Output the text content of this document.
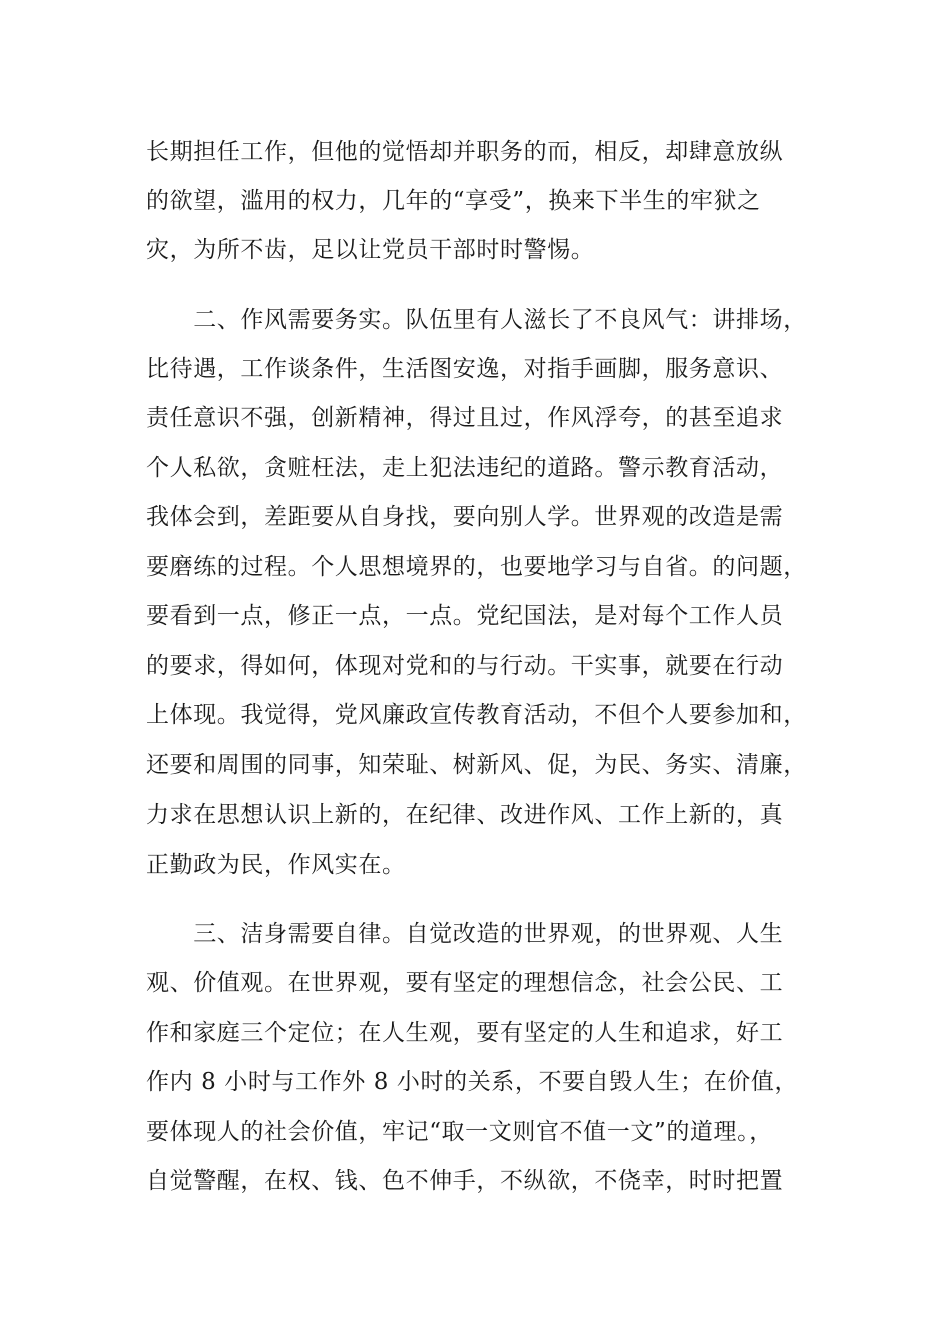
长期担任工作，但他的觉悟却并职务的而，相反，却肆意放纵
的欲望，滥用的权力，几年的“享受”，换来下半生的牢狱之
灾，为所不齿，足以让党员干部时时警惕。
　　二、作风需要务实。队伍里有人滋长了不良风气：讲排场，
比待遇，工作谈条件，生活图安逸，对指手画脚，服务意识、
责任意识不强，创新精神，得过且过，作风浮夸，的甚至追求
个人私欲，贪赃枉法，走上犯法违纪的道路。警示教育活动，
我体会到，差距要从自身找，要向别人学。世界观的改造是需
要磨练的过程。个人思想境界的，也要地学习与自省。的问题，
要看到一点，修正一点，一点。党纪国法，是对每个工作人员
的要求，得如何，体现对党和的与行动。干实事，就要在行动
上体现。我觉得，党风廉政宣传教育活动，不但个人要参加和，
还要和周围的同事，知荣耻、树新风、促，为民、务实、清廉，
力求在思想认识上新的，在纪律、改进作风、工作上新的，真
正勤政为民，作风实在。
　　三、洁身需要自律。自觉改造的世界观，的世界观、人生
观、价值观。在世界观，要有坚定的理想信念，社会公民、工
作和家庭三个定位；在人生观，要有坚定的人生和追求，好工
作内 8 小时与工作外 8 小时的关系，不要自毁人生；在价值，
要体现人的社会价值，牢记“取一文则官不值一文”的道理。，
自觉警醒，在权、钱、色不伸手，不纵欲，不侥幸，时时把置
